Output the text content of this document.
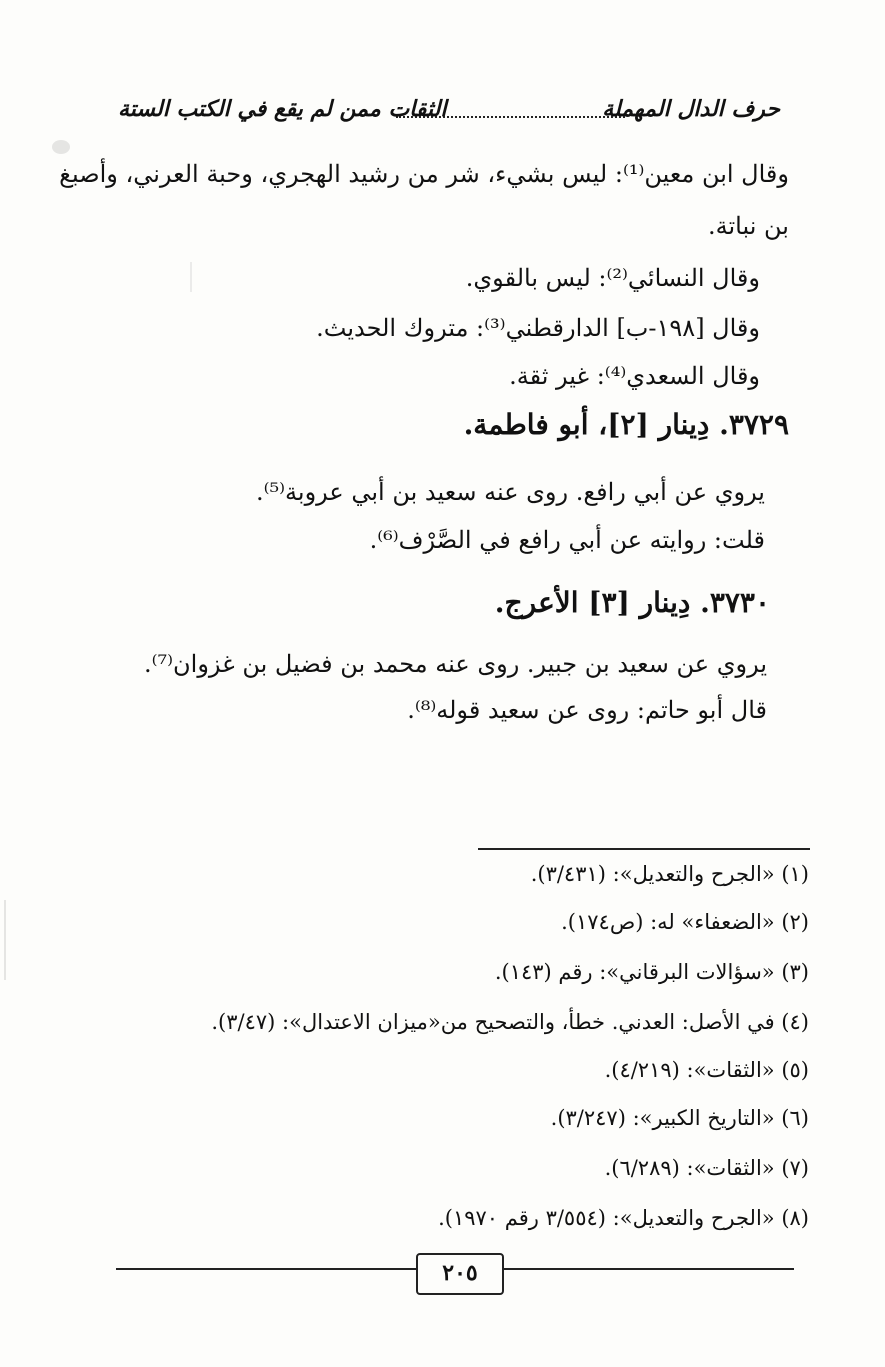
حرف الدال المهملة
الثقات ممن لم يقع في الكتب الستة
وقال ابن معين⁽¹⁾: ليس بشيء، شر من رشيد الهجري، وحبة العرني، وأصبغ
بن نباتة.
وقال النسائي⁽²⁾: ليس بالقوي.
وقال [١٩٨-ب] الدارقطني⁽³⁾: متروك الحديث.
وقال السعدي⁽⁴⁾: غير ثقة.
٣٧٢٩. دِينار [٢]، أبو فاطمة.
يروي عن أبي رافع. روى عنه سعيد بن أبي عروبة⁽⁵⁾.
قلت: روايته عن أبي رافع في الصَّرْف⁽⁶⁾.
٣٧٣٠. دِينار [٣] الأعرج.
يروي عن سعيد بن جبير. روى عنه محمد بن فضيل بن غزوان⁽⁷⁾.
قال أبو حاتم: روى عن سعيد قوله⁽⁸⁾.
(١) «الجرح والتعديل»: (٣/٤٣١).
(٢) «الضعفاء» له: (ص١٧٤).
(٣) «سؤالات البرقاني»: رقم (١٤٣).
(٤) في الأصل: العدني. خطأ، والتصحيح من«ميزان الاعتدال»: (٣/٤٧).
(٥) «الثقات»: (٤/٢١٩).
(٦) «التاريخ الكبير»: (٣/٢٤٧).
(٧) «الثقات»: (٦/٢٨٩).
(٨) «الجرح والتعديل»: (٣/٥٥٤ رقم ١٩٧٠).
٢٠٥
